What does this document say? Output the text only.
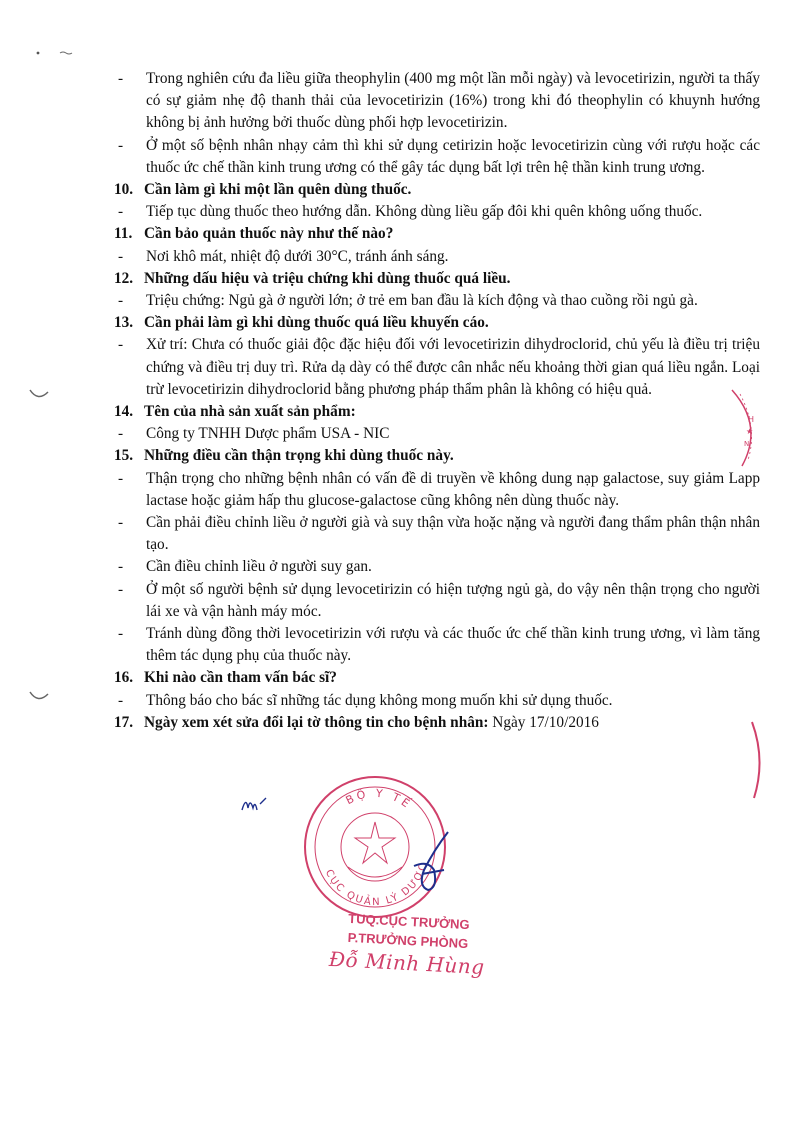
- Trong nghiên cứu đa liều giữa theophylin (400 mg một lần mỗi ngày) và levocetirizin, người ta thấy có sự giảm nhẹ độ thanh thải của levocetirizin (16%) trong khi đó theophylin có khuynh hướng không bị ảnh hưởng bởi thuốc dùng phối hợp levocetirizin.
- Ở một số bệnh nhân nhạy cảm thì khi sử dụng cetirizin hoặc levocetirizin cùng với rượu hoặc các thuốc ức chế thần kinh trung ương có thể gây tác dụng bất lợi trên hệ thần kinh trung ương.
10. Cần làm gì khi một lần quên dùng thuốc.
- Tiếp tục dùng thuốc theo hướng dẫn. Không dùng liều gấp đôi khi quên không uống thuốc.
11. Cần bảo quản thuốc này như thế nào?
- Nơi khô mát, nhiệt độ dưới 30°C, tránh ánh sáng.
12. Những dấu hiệu và triệu chứng khi dùng thuốc quá liều.
- Triệu chứng: Ngủ gà ở người lớn; ở trẻ em ban đầu là kích động và thao cuồng rồi ngủ gà.
13. Cần phải làm gì khi dùng thuốc quá liều khuyến cáo.
- Xử trí: Chưa có thuốc giải độc đặc hiệu đối với levocetirizin dihydroclorid, chủ yếu là điều trị triệu chứng và điều trị duy trì. Rửa dạ dày có thể được cân nhắc nếu khoảng thời gian quá liều ngắn. Loại trừ levocetirizin dihydroclorid bằng phương pháp thẩm phân là không có hiệu quả.
14. Tên của nhà sản xuất sản phẩm:
- Công ty TNHH Dược phẩm USA - NIC
15. Những điều cần thận trọng khi dùng thuốc này.
- Thận trọng cho những bệnh nhân có vấn đề di truyền về không dung nạp galactose, suy giảm Lapp lactase hoặc giảm hấp thu glucose-galactose cũng không nên dùng thuốc này.
- Cần phải điều chỉnh liều ở người già và suy thận vừa hoặc nặng và người đang thẩm phân thận nhân tạo.
- Cần điều chỉnh liều ở người suy gan.
- Ở một số người bệnh sử dụng levocetirizin có hiện tượng ngủ gà, do vậy nên thận trọng cho người lái xe và vận hành máy móc.
- Tránh dùng đồng thời levocetirizin với rượu và các thuốc ức chế thần kinh trung ương, vì làm tăng thêm tác dụng phụ của thuốc này.
16. Khi nào cần tham vấn bác sĩ?
- Thông báo cho bác sĩ những tác dụng không mong muốn khi sử dụng thuốc.
17. Ngày xem xét sửa đổi lại tờ thông tin cho bệnh nhân: Ngày 17/10/2016
H
★
N
BỘ Y TẾ
CỤC QUẢN LÝ DƯỢC
TUQ.CỤC TRƯỞNG
P.TRƯỞNG PHÒNG
Đỗ Minh Hùng
